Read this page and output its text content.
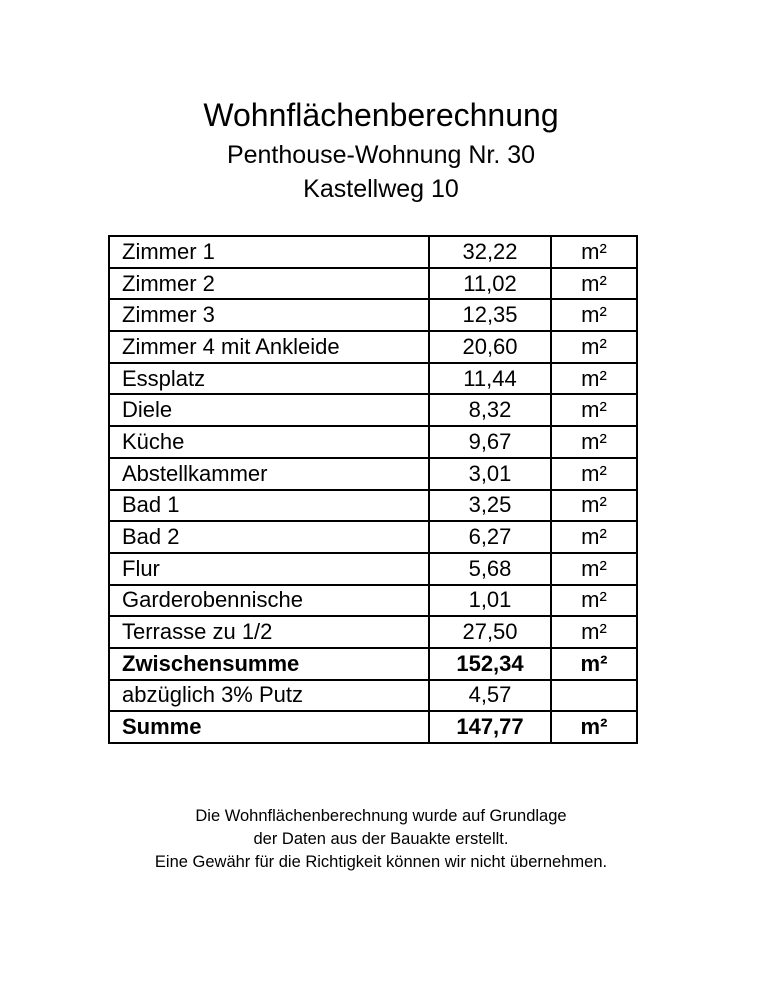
Wohnflächenberechnung
Penthouse-Wohnung Nr. 30
Kastellweg 10
Zimmer 1	32,22	m²
Zimmer 2	11,02	m²
Zimmer 3	12,35	m²
Zimmer 4 mit Ankleide	20,60	m²
Essplatz	11,44	m²
Diele	8,32	m²
Küche	9,67	m²
Abstellkammer	3,01	m²
Bad 1	3,25	m²
Bad 2	6,27	m²
Flur	5,68	m²
Garderobennische	1,01	m²
Terrasse zu 1/2	27,50	m²
Zwischensumme	152,34	m²
abzüglich 3% Putz	4,57	
Summe	147,77	m²
Die Wohnflächenberechnung wurde auf Grundlage
der Daten aus der Bauakte erstellt.
Eine Gewähr für die Richtigkeit können wir nicht übernehmen.
